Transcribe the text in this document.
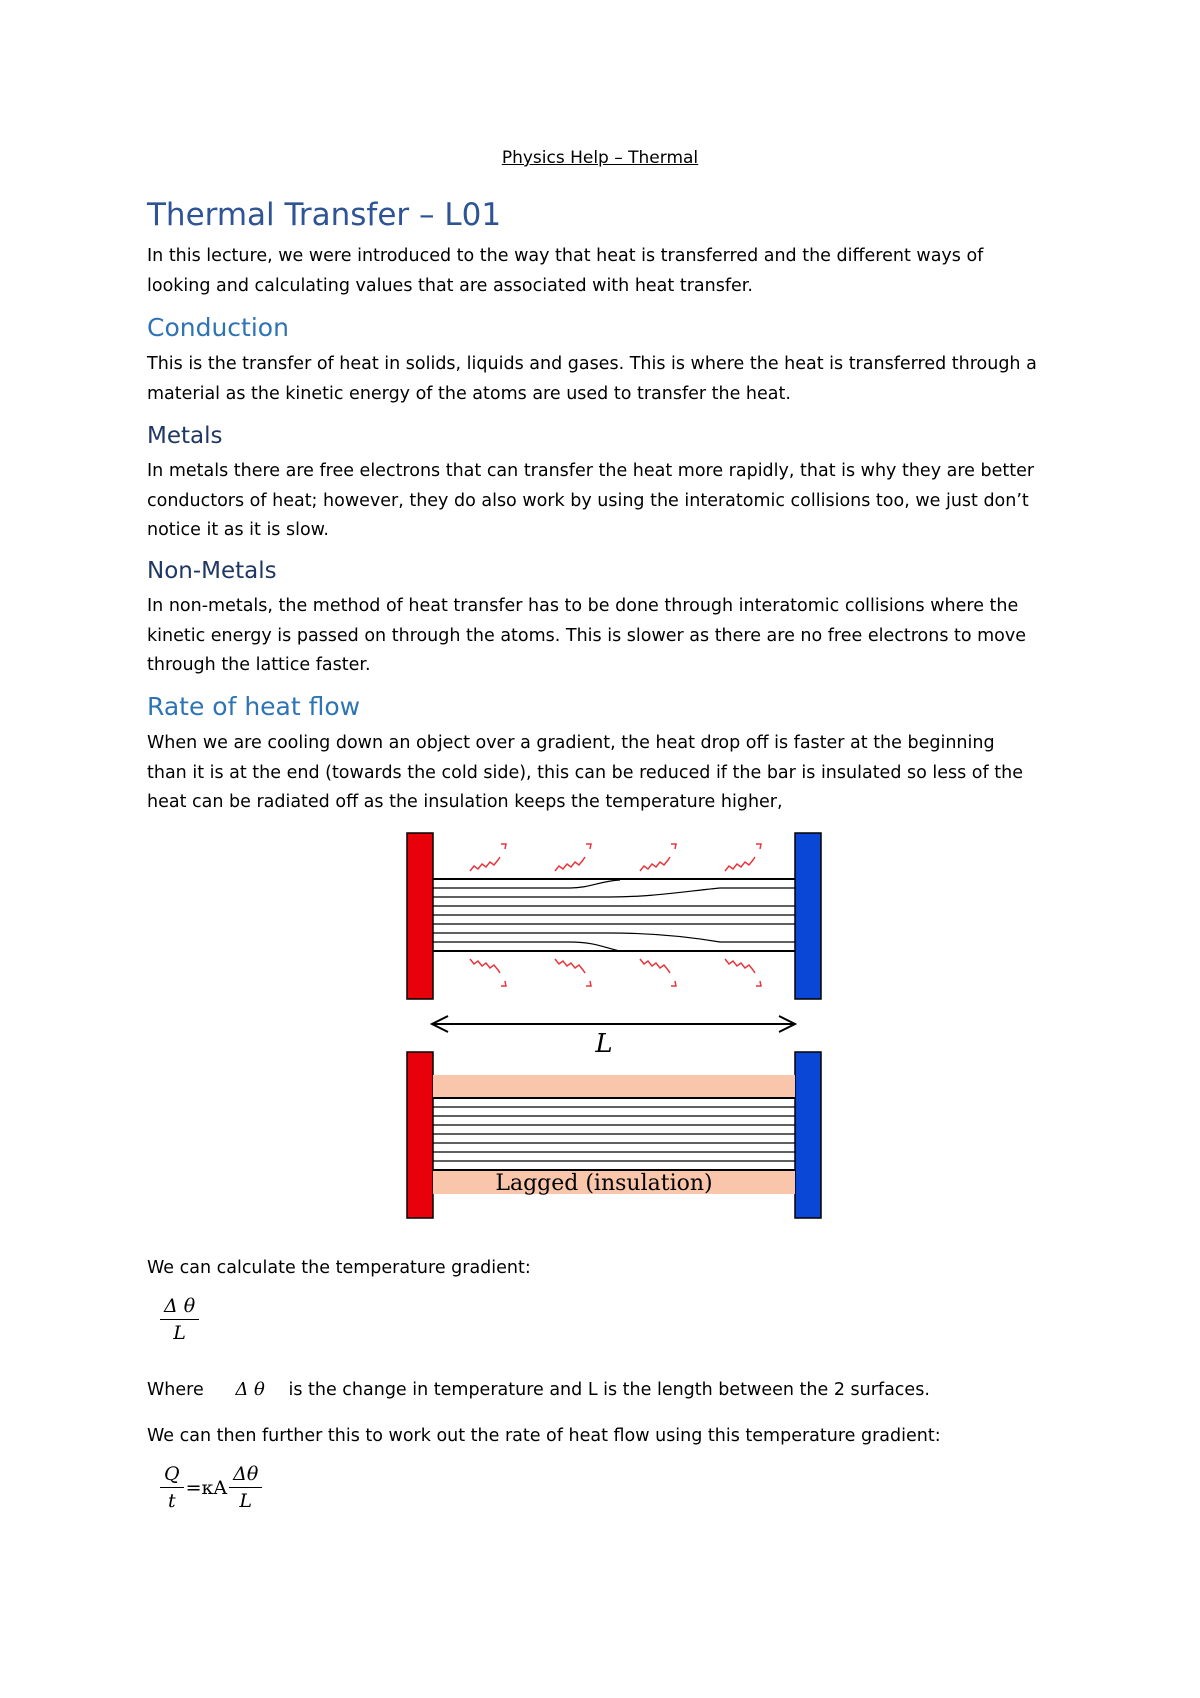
Physics Help – Thermal
Thermal Transfer – L01
In this lecture, we were introduced to the way that heat is transferred and the different ways of
looking and calculating values that are associated with heat transfer.
Conduction
This is the transfer of heat in solids, liquids and gases. This is where the heat is transferred through a
material as the kinetic energy of the atoms are used to transfer the heat.
Metals
In metals there are free electrons that can transfer the heat more rapidly, that is why they are better
conductors of heat; however, they do also work by using the interatomic collisions too, we just don’t
notice it as it is slow.
Non-Metals
In non-metals, the method of heat transfer has to be done through interatomic collisions where the
kinetic energy is passed on through the atoms. This is slower as there are no free electrons to move
through the lattice faster.
Rate of heat flow
When we are cooling down an object over a gradient, the heat drop off is faster at the beginning
than it is at the end (towards the cold side), this can be reduced if the bar is insulated so less of the
heat can be radiated off as the insulation keeps the temperature higher,
L
Lagged (insulation)
We can calculate the temperature gradient:
$\frac{\text{Δ θ}}{L}$
Where Δ θ is the change in temperature and L is the length between the 2 surfaces.
We can then further this to work out the rate of heat flow using this temperature gradient:
$\frac{Q}{t} =\kappa A \frac{\Delta\theta}{L}$
